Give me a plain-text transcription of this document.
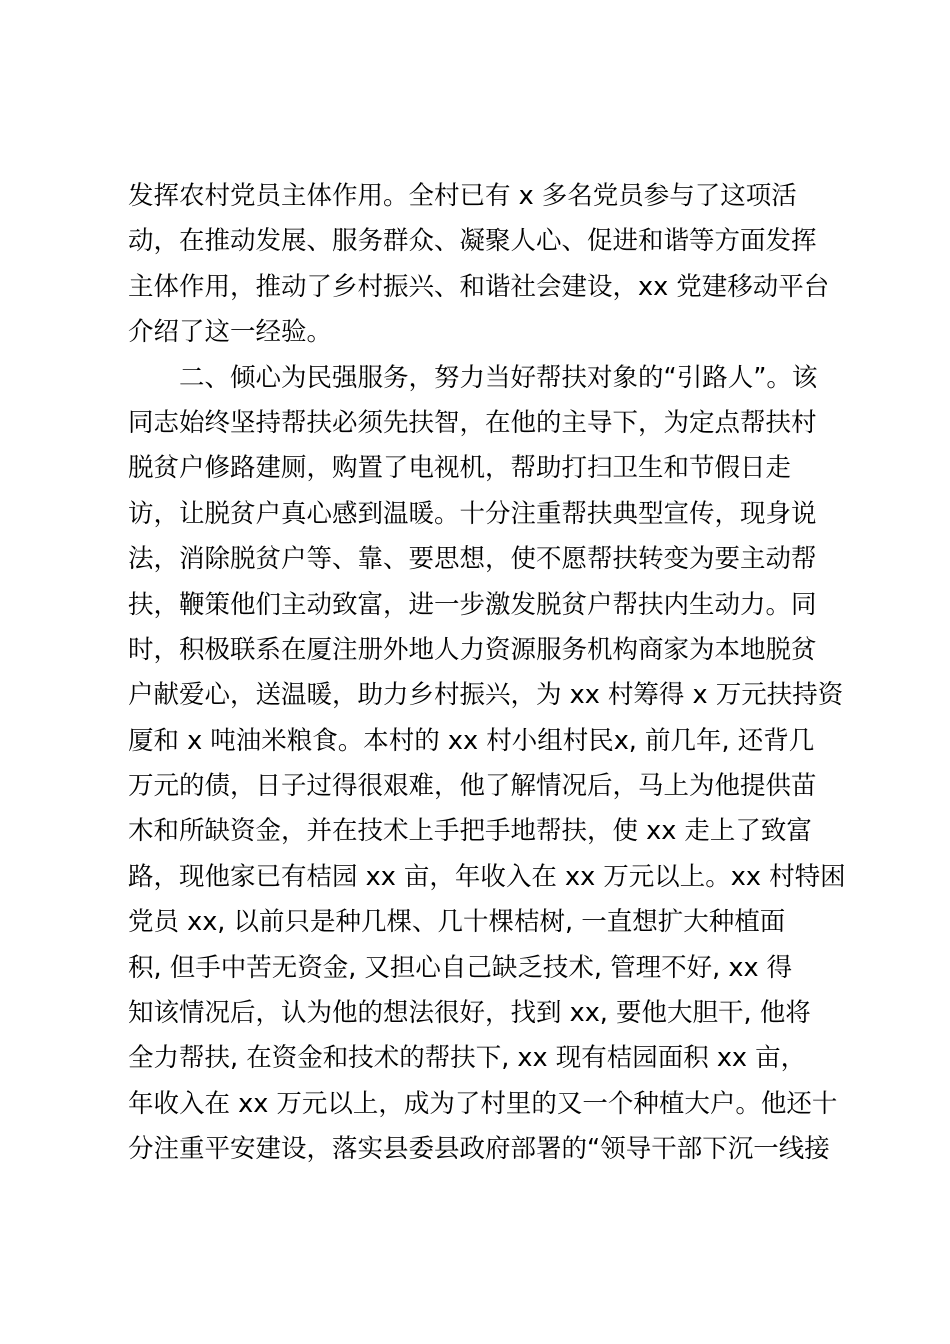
发挥农村党员主体作用。全村已有 x 多名党员参与了这项活
动，在推动发展、服务群众、凝聚人心、促进和谐等方面发挥
主体作用，推动了乡村振兴、和谐社会建设，xx 党建移动平台
介绍了这一经验。
　　二、倾心为民强服务，努力当好帮扶对象的“引路人”。该
同志始终坚持帮扶必须先扶智，在他的主导下，为定点帮扶村
脱贫户修路建厕，购置了电视机，帮助打扫卫生和节假日走
访，让脱贫户真心感到温暖。十分注重帮扶典型宣传，现身说
法，消除脱贫户等、靠、要思想，使不愿帮扶转变为要主动帮
扶，鞭策他们主动致富，进一步激发脱贫户帮扶内生动力。同
时，积极联系在厦注册外地人力资源服务机构商家为本地脱贫
户献爱心，送温暖，助力乡村振兴，为 xx 村筹得 x 万元扶持资
厦和 x 吨油米粮食。本村的 xx 村小组村民x, 前几年, 还背几
万元的债，日子过得很艰难，他了解情况后，马上为他提供苗
木和所缺资金，并在技术上手把手地帮扶，使 xx 走上了致富
路，现他家已有桔园 xx 亩，年收入在 xx 万元以上。xx 村特困
党员 xx, 以前只是种几棵、几十棵桔树, 一直想扩大种植面
积, 但手中苦无资金, 又担心自己缺乏技术, 管理不好, xx 得
知该情况后，认为他的想法很好，找到 xx, 要他大胆干, 他将
全力帮扶, 在资金和技术的帮扶下, xx 现有桔园面积 xx 亩，
年收入在 xx 万元以上，成为了村里的又一个种植大户。他还十
分注重平安建设，落实县委县政府部署的“领导干部下沉一线接
